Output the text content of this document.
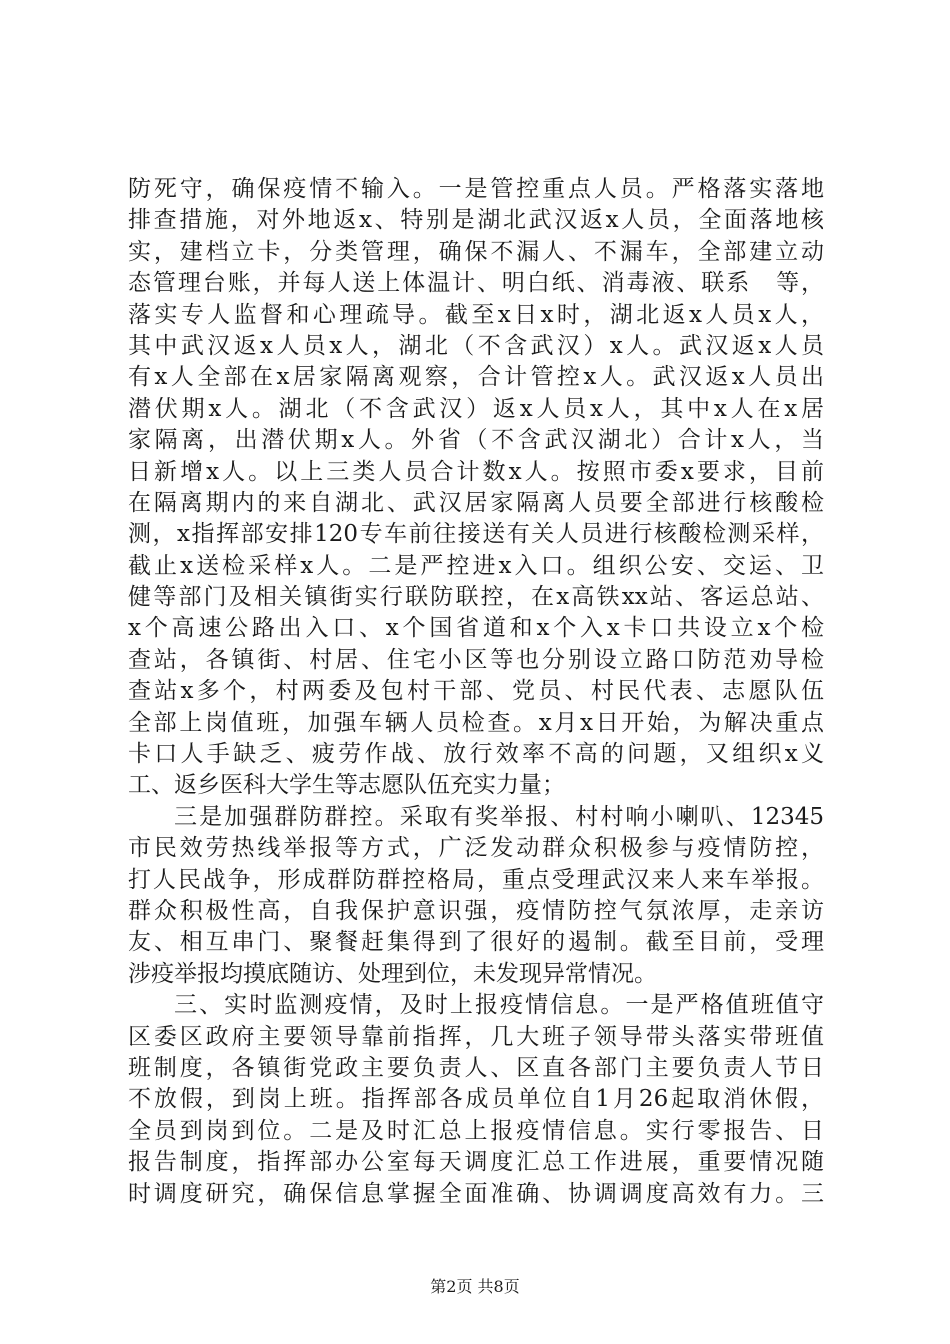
防死守，确保疫情不输入。一是管控重点人员。严格落实落地
排查措施，对外地返x、特别是湖北武汉返x人员，全面落地核
实，建档立卡，分类管理，确保不漏人、不漏车，全部建立动
态管理台账，并每人送上体温计、明白纸、消毒液、联系　等，
落实专人监督和心理疏导。截至x日x时，湖北返x人员x人，
其中武汉返x人员x人，湖北（不含武汉）x人。武汉返x人员
有x人全部在x居家隔离观察，合计管控x人。武汉返x人员出
潜伏期x人。湖北（不含武汉）返x人员x人，其中x人在x居
家隔离，出潜伏期x人。外省（不含武汉湖北）合计x人，当
日新增x人。以上三类人员合计数x人。按照市委x要求，目前
在隔离期内的来自湖北、武汉居家隔离人员要全部进行核酸检
测，x指挥部安排120专车前往接送有关人员进行核酸检测采样，
截止x送检采样x人。二是严控进x入口。组织公安、交运、卫
健等部门及相关镇街实行联防联控，在x高铁xx站、客运总站、
x个高速公路出入口、x个国省道和x个入x卡口共设立x个检
查站，各镇街、村居、住宅小区等也分别设立路口防范劝导检
查站x多个，村两委及包村干部、党员、村民代表、志愿队伍
全部上岗值班，加强车辆人员检查。x月x日开始，为解决重点
卡口人手缺乏、疲劳作战、放行效率不高的问题，又组织x义
工、返乡医科大学生等志愿队伍充实力量；
三是加强群防群控。采取有奖举报、村村响小喇叭、12345
市民效劳热线举报等方式，广泛发动群众积极参与疫情防控，
打人民战争，形成群防群控格局，重点受理武汉来人来车举报。
群众积极性高，自我保护意识强，疫情防控气氛浓厚，走亲访
友、相互串门、聚餐赶集得到了很好的遏制。截至目前，受理
涉疫举报均摸底随访、处理到位，未发现异常情况。
三、实时监测疫情，及时上报疫情信息。一是严格值班值守
区委区政府主要领导靠前指挥，几大班子领导带头落实带班值
班制度，各镇街党政主要负责人、区直各部门主要负责人节日
不放假，到岗上班。指挥部各成员单位自1月26起取消休假，
全员到岗到位。二是及时汇总上报疫情信息。实行零报告、日
报告制度，指挥部办公室每天调度汇总工作进展，重要情况随
时调度研究，确保信息掌握全面准确、协调调度高效有力。三
第2页 共8页
